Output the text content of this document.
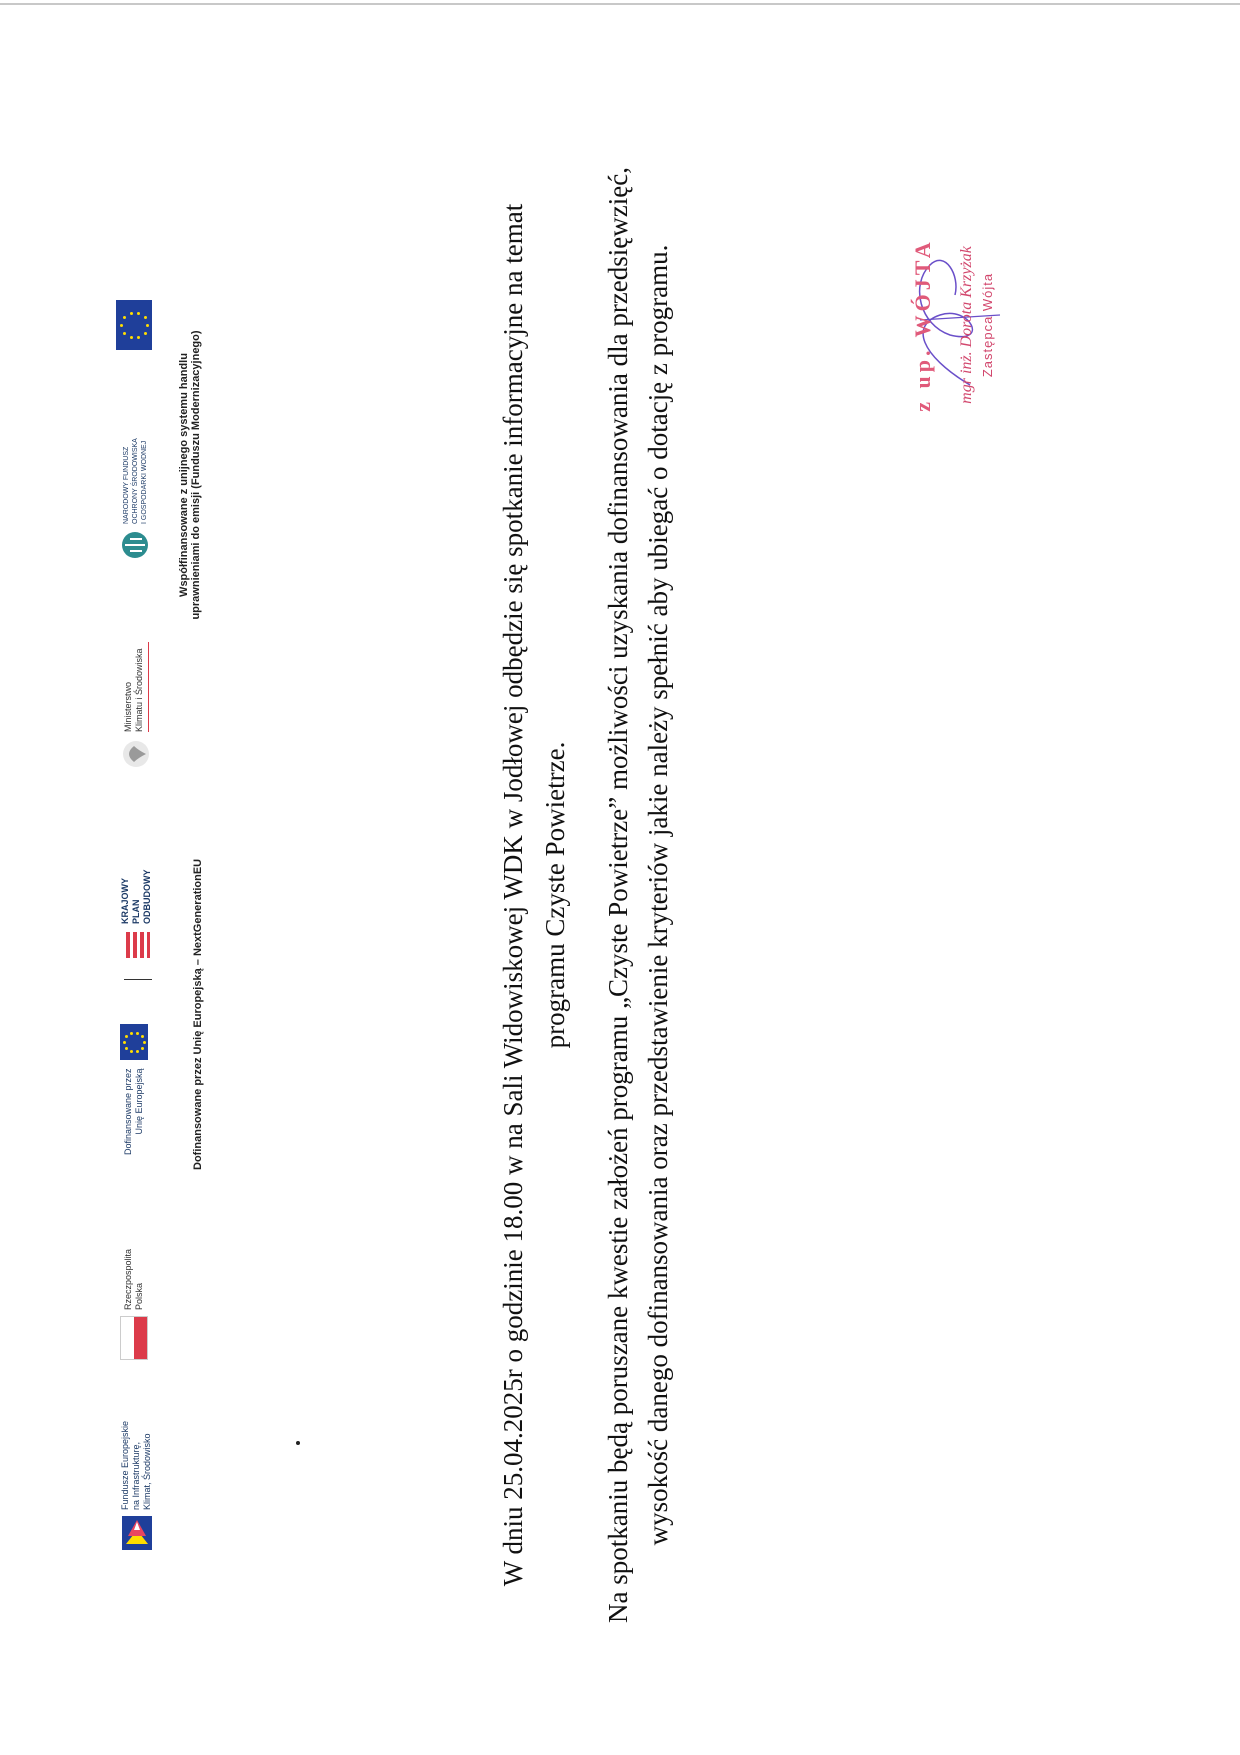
Fundusze Europejskie
na Infrastrukturę,
Klimat, Środowisko
Rzeczpospolita
Polska
Dofinansowane przez
Unię Europejską
KRAJOWY
PLAN
ODBUDOWY
Ministerstwo
Klimatu i Środowiska
NARODOWY FUNDUSZ
OCHRONY ŚRODOWISKA
I GOSPODARKI WODNEJ
Dofinansowane przez Unię Europejską – NextGenerationEU
Współfinansowane z unijnego systemu handlu
uprawnieniami do emisji (Funduszu Modernizacyjnego)	W dniu 25.04.2025r o godzinie 18.00 w na Sali Widowiskowej WDK w Jodłowej odbędzie się spotkanie informacyjne na temat programu Czyste Powietrze. Na spotkaniu będą poruszane kwestie założeń programu „Czyste Powietrze” możliwości uzyskania dofinansowania dla przedsięwzięć, wysokość danego dofinansowania oraz przedstawienie kryteriów jakie należy spełnić aby ubiegać o dotację z programu.	z up. WÓJTA mgr inż. Dorota Krzyżak Zastępca Wójta
